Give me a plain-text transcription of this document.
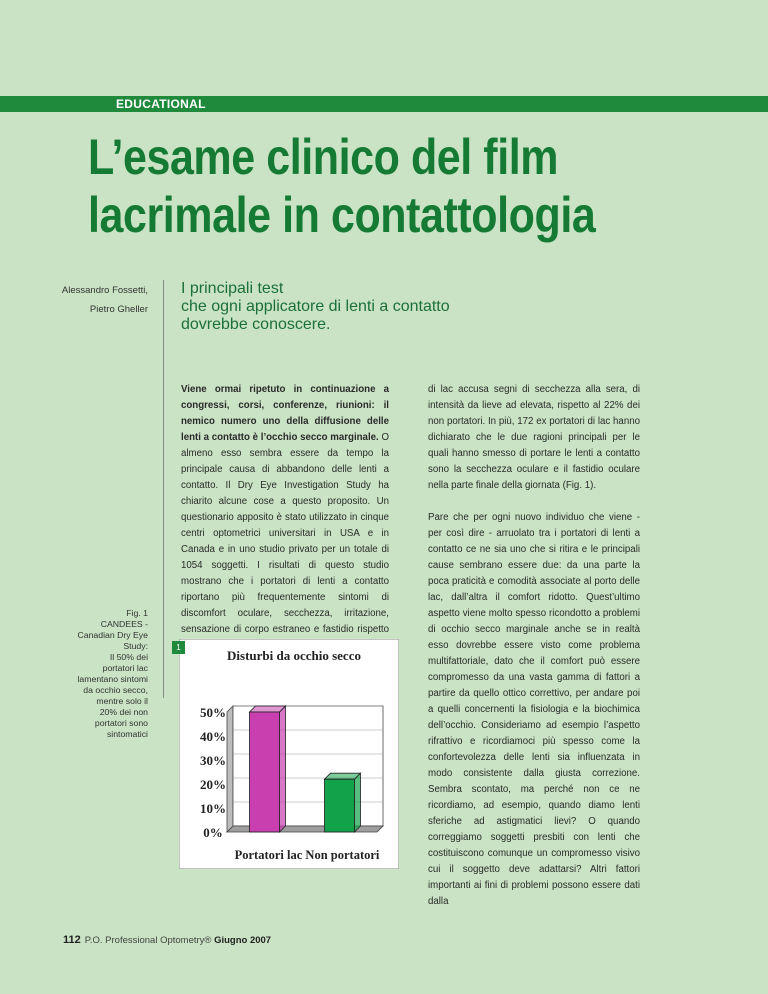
EDUCATIONAL
L’esame clinico del film
lacrimale in contattologia
Alessandro Fossetti,
Pietro Gheller
I principali test
che ogni applicatore di lenti a contatto
dovrebbe conoscere.

Viene ormai ripetuto in continuazione a congressi, corsi, conferenze, riunioni: il nemico numero uno della diffusione delle lenti a contatto è l’occhio secco marginale. O almeno esso sembra essere da tempo la principale causa di abbandono delle lenti a contatto. Il Dry Eye Investigation Study ha chiarito alcune cose a questo proposito. Un questionario apposito è stato utilizzato in cinque centri optometrici universitari in USA e in Canada e in uno studio privato per un totale di 1054 soggetti. I risultati di questo studio mostrano che i portatori di lenti a contatto riportano più frequentemente sintomi di discomfort oculare, secchezza, irritazione, sensazione di corpo estraneo e fastidio rispetto

di lac accusa segni di secchezza alla sera, di intensità da lieve ad elevata, rispetto al 22% dei non portatori. In più, 172 ex portatori di lac hanno dichiarato che le due ragioni principali per le quali hanno smesso di portare le lenti a contatto sono la secchezza oculare e il fastidio oculare nella parte finale della giornata (Fig. 1).

Pare che per ogni nuovo individuo che viene - per così dire - arruolato tra i portatori di lenti a contatto ce ne sia uno che si ritira e le principali cause sembrano essere due: da una parte la poca praticità e comodità associate al porto delle lac, dall’altra il comfort ridotto. Quest’ultimo aspetto viene molto spesso ricondotto a problemi di occhio secco marginale anche se in realtà esso dovrebbe essere visto come problema multifattoriale, dato che il comfort può essere compromesso da una vasta gamma di fattori a partire da quello ottico correttivo, per andare poi a quelli concernenti la fisiologia e la biochimica dell’occhio. Consideriamo ad esempio l’aspetto rifrattivo e ricordiamoci più spesso come la confortevolezza delle lenti sia influenzata in modo consistente dalla giusta correzione. Sembra scontato, ma perché non ce ne ricordiamo, ad esempio, quando diamo lenti sferiche ad astigmatici lievi? O quando correggiamo soggetti presbiti con lenti che costituiscono comunque un compromesso visivo cui il soggetto deve adattarsi? Altri fattori importanti ai fini di problemi possono essere dati dalla

Fig. 1
CANDEES -
Canadian Dry Eye
Study:
Il 50% dei
portatori lac
lamentano sintomi
da occhio secco,
mentre solo il
20% dei non
portatori sono
sintomatici
Disturbi da occhio secco
0%
10%
20%
30%
40%
50%
Portatori lac Non portatori
1
112 P.O. Professional Optometry® Giugno 2007
